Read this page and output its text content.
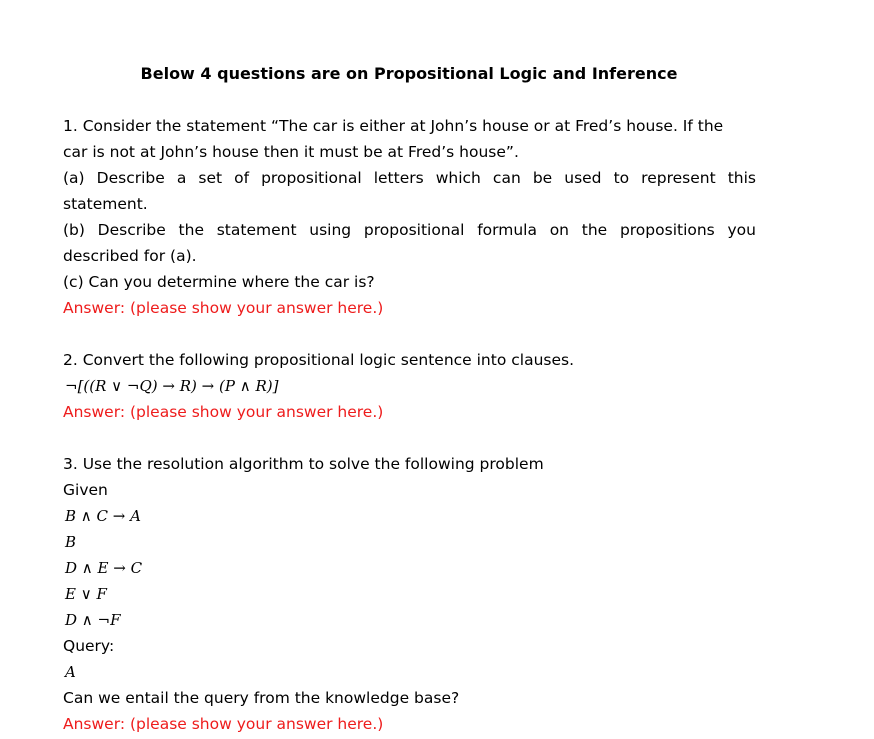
Below 4 questions are on Propositional Logic and Inference
1. Consider the statement “The car is either at John’s house or at Fred’s house. If the
car is not at John’s house then it must be at Fred’s house”.
(a) Describe a set of propositional letters which can be used to represent this
statement.
(b) Describe the statement using propositional formula on the propositions you
described for (a).
(c) Can you determine where the car is?
Answer: (please show your answer here.)
2. Convert the following propositional logic sentence into clauses.
¬[((R ∨ ¬Q) → R) → (P ∧ R)]
Answer: (please show your answer here.)
3. Use the resolution algorithm to solve the following problem
Given
B ∧ C → A
B
D ∧ E → C
E ∨ F
D ∧ ¬F
Query:
A
Can we entail the query from the knowledge base?
Answer: (please show your answer here.)
